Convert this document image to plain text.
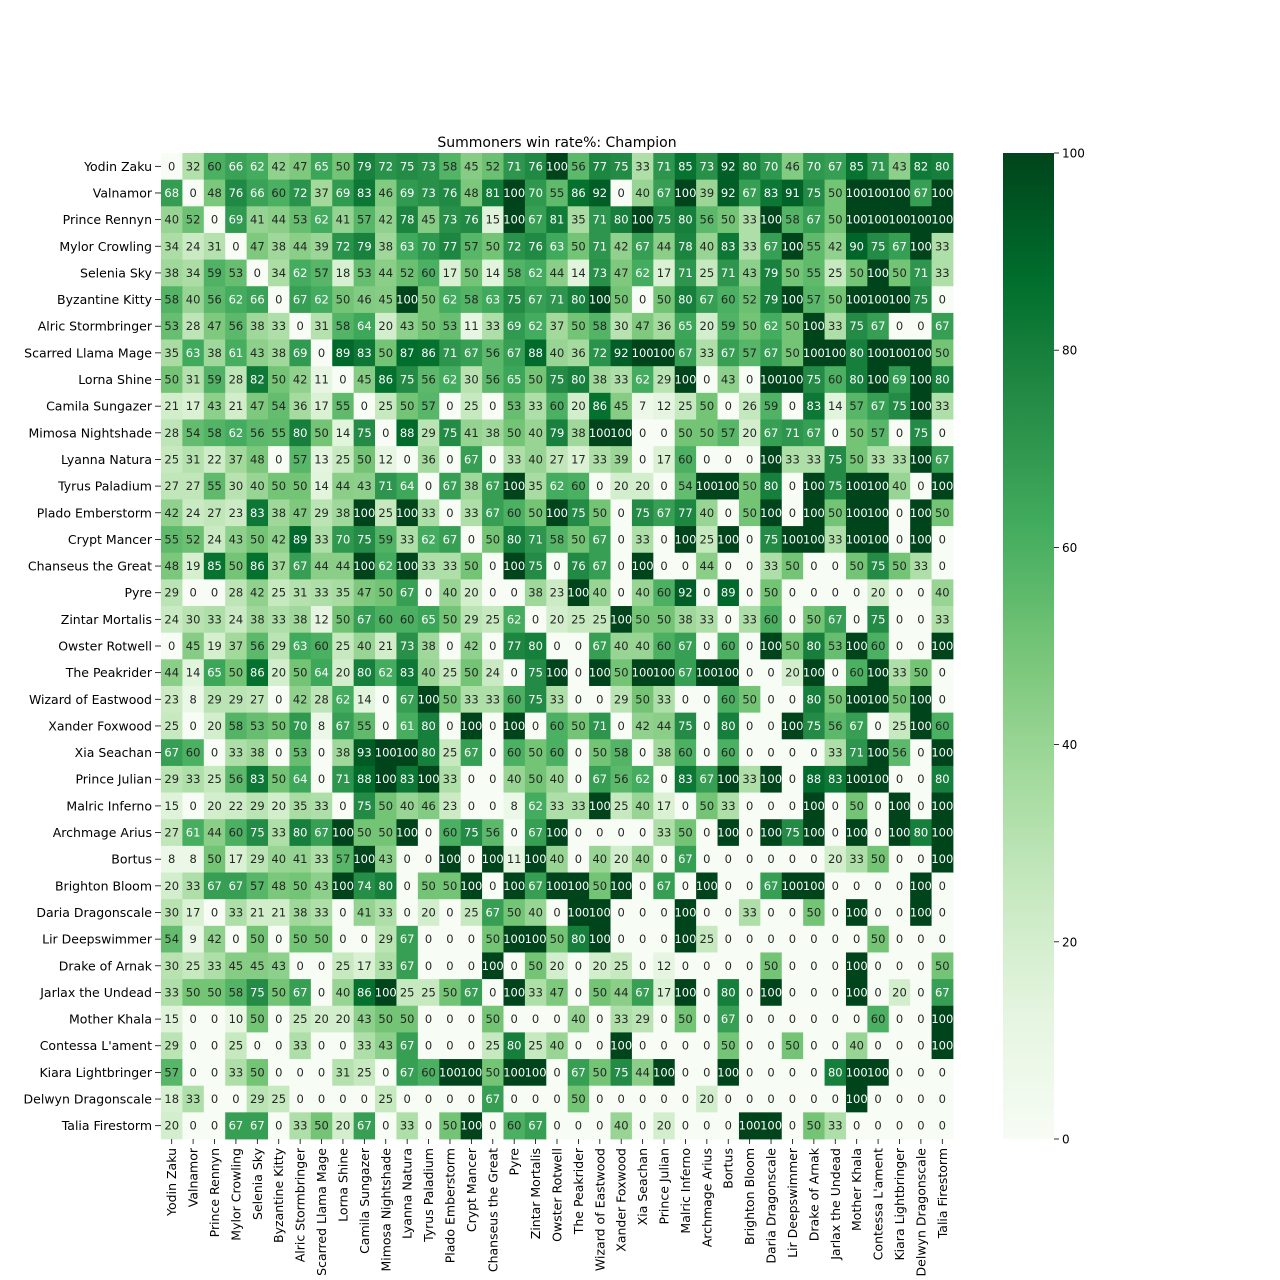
Summoners win rate%: Champion
0 32 60 66 62 42 47 65 50 79 72 75 73 58 45 52 71 76 100 56 77 75 33 71 85 73 92 80 70 46 70 67 85 71 43 82 80
68 0 48 76 66 60 72 37 69 83 46 69 73 76 48 81 100 70 55 86 92 0 40 67 100 39 92 67 83 91 75 50 100 100 100 67 100
40 52 0 69 41 44 53 62 41 57 42 78 45 73 76 15 100 67 81 35 71 80 100 75 80 56 50 33 100 58 67 50 100 100 100 100 100
34 24 31 0 47 38 44 39 72 79 38 63 70 77 57 50 72 76 63 50 71 42 67 44 78 40 83 33 67 100 55 42 90 75 67 100 33
38 34 59 53 0 34 62 57 18 53 44 52 60 17 50 14 58 62 44 14 73 47 62 17 71 25 71 43 79 50 55 25 50 100 50 71 33
58 40 56 62 66 0 67 62 50 46 45 100 50 62 58 63 75 67 71 80 100 50 0 50 80 67 60 52 79 100 57 50 100 100 100 75 0
53 28 47 56 38 33 0 31 58 64 20 43 50 53 11 33 69 62 37 50 58 30 47 36 65 20 59 50 62 50 100 33 75 67 0 0 67
35 63 38 61 43 38 69 0 89 83 50 87 86 71 67 56 67 88 40 36 72 92 100 100 67 33 67 57 67 50 100 100 80 100 100 100 50
50 31 59 28 82 50 42 11 0 45 86 75 56 62 30 56 65 50 75 80 38 33 62 29 100 0 43 0 100 100 75 60 80 100 69 100 80
21 17 43 21 47 54 36 17 55 0 25 50 57 0 25 0 53 33 60 20 86 45 7 12 25 50 0 26 59 0 83 14 57 67 75 100 33
28 54 58 62 56 55 80 50 14 75 0 88 29 75 41 38 50 40 79 38 100 100 0 0 50 50 57 20 67 71 67 0 50 57 0 75 0
25 31 22 37 48 0 57 13 25 50 12 0 36 0 67 0 33 40 27 17 33 39 0 17 60 0 0 0 100 33 33 75 50 33 33 100 67
27 27 55 30 40 50 50 14 44 43 71 64 0 67 38 67 100 35 62 60 0 20 20 0 54 100 100 50 80 0 100 75 100 100 40 0 100
42 24 27 23 83 38 47 29 38 100 25 100 33 0 33 67 60 50 100 75 50 0 75 67 77 40 0 50 100 0 100 50 100 100 0 100 50
55 52 24 43 50 42 89 33 70 75 59 33 62 67 0 50 80 71 58 50 67 0 33 0 100 25 100 0 75 100 100 33 100 100 0 100 0
48 19 85 50 86 37 67 44 44 100 62 100 33 33 50 0 100 75 0 76 67 0 100 0 0 44 0 0 33 50 0 0 50 75 50 33 0
29 0 0 28 42 25 31 33 35 47 50 67 0 40 20 0 0 38 23 100 40 0 40 60 92 0 89 0 50 0 0 0 0 20 0 0 40
24 30 33 24 38 33 38 12 50 67 60 60 65 50 29 25 62 0 20 25 25 100 50 50 38 33 0 33 60 0 50 67 0 75 0 0 33
0 45 19 37 56 29 63 60 25 40 21 73 38 0 42 0 77 80 0 0 67 40 40 60 67 0 60 0 100 50 80 53 100 60 0 0 100
44 14 65 50 86 20 50 64 20 80 62 83 40 25 50 24 0 75 100 0 100 50 100 100 67 100 100 0 0 20 100 0 60 100 33 50 0
23 8 29 29 27 0 42 28 62 14 0 67 100 50 33 33 60 75 33 0 0 29 50 33 0 0 60 50 0 0 80 50 100 100 50 100 0
25 0 20 58 53 50 70 8 67 55 0 61 80 0 100 0 100 0 60 50 71 0 42 44 75 0 80 0 0 100 75 56 67 0 25 100 60
67 60 0 33 38 0 53 0 38 93 100 100 80 25 67 0 60 50 60 0 50 58 0 38 60 0 60 0 0 0 0 33 71 100 56 0 100
29 33 25 56 83 50 64 0 71 88 100 83 100 33 0 0 40 50 40 0 67 56 62 0 83 67 100 33 100 0 88 83 100 100 0 0 80
15 0 20 22 29 20 35 33 0 75 50 40 46 23 0 0 8 62 33 33 100 25 40 17 0 50 33 0 0 0 100 0 50 0 100 0 100
27 61 44 60 75 33 80 67 100 50 50 100 0 60 75 56 0 67 100 0 0 0 0 33 50 0 100 0 100 75 100 0 100 0 100 80 100
8 8 50 17 29 40 41 33 57 100 43 0 0 100 0 100 11 100 40 0 40 20 40 0 67 0 0 0 0 0 0 20 33 50 0 0 100
20 33 67 67 57 48 50 43 100 74 80 0 50 50 100 0 100 67 100 100 50 100 0 67 0 100 0 0 67 100 100 0 0 0 0 100 0
30 17 0 33 21 21 38 33 0 41 33 0 20 0 25 67 50 40 0 100 100 0 0 0 100 0 0 33 0 0 50 0 100 0 0 100 0
54 9 42 0 50 0 50 50 0 0 29 67 0 0 0 50 100 100 50 80 100 0 0 0 100 25 0 0 0 0 0 0 0 50 0 0 0
30 25 33 45 45 43 0 0 25 17 33 67 0 0 0 100 0 50 20 0 20 25 0 12 0 0 0 0 50 0 0 0 100 0 0 0 50
33 50 50 58 75 50 67 0 40 86 100 25 25 50 67 0 100 33 47 0 50 44 67 17 100 0 80 0 100 0 0 0 100 0 20 0 67
15 0 0 10 50 0 25 20 20 43 50 50 0 0 0 50 0 0 0 40 0 33 29 0 50 0 67 0 0 0 0 0 0 60 0 0 100
29 0 0 25 0 0 33 0 0 33 43 67 0 0 0 25 80 25 40 0 0 100 0 0 0 0 50 0 0 50 0 0 40 0 0 0 100
57 0 0 33 50 0 0 0 31 25 0 67 60 100 100 50 100 100 0 67 50 75 44 100 0 0 100 0 0 0 0 80 100 100 0 0 0
18 33 0 0 29 25 0 0 0 0 25 0 0 0 0 67 0 0 0 50 0 0 0 0 0 20 0 0 0 0 0 0 100 0 0 0 0
20 0 0 67 67 0 33 50 20 67 0 33 0 50 100 0 60 67 0 0 0 40 0 20 0 0 0 100 100 0 50 33 0 0 0 0 0
Yodin Zaku
Valnamor
Prince Rennyn
Mylor Crowling
Selenia Sky
Byzantine Kitty
Alric Stormbringer
Scarred Llama Mage
Lorna Shine
Camila Sungazer
Mimosa Nightshade
Lyanna Natura
Tyrus Paladium
Plado Emberstorm
Crypt Mancer
Chanseus the Great
Pyre
Zintar Mortalis
Owster Rotwell
The Peakrider
Wizard of Eastwood
Xander Foxwood
Xia Seachan
Prince Julian
Malric Inferno
Archmage Arius
Bortus
Brighton Bloom
Daria Dragonscale
Lir Deepswimmer
Drake of Arnak
Jarlax the Undead
Mother Khala
Contessa L'ament
Kiara Lightbringer
Delwyn Dragonscale
Talia Firestorm
Yodin Zaku Valnamor Prince Rennyn Mylor Crowling Selenia Sky Byzantine Kitty Alric Stormbringer Scarred Llama Mage Lorna Shine Camila Sungazer Mimosa Nightshade Lyanna Natura Tyrus Paladium Plado Emberstorm Crypt Mancer Chanseus the Great Pyre Zintar Mortalis Owster Rotwell The Peakrider Wizard of Eastwood Xander Foxwood Xia Seachan Prince Julian Malric Inferno Archmage Arius Bortus Brighton Bloom Daria Dragonscale Lir Deepswimmer Drake of Arnak Jarlax the Undead Mother Khala Contessa L'ament Kiara Lightbringer Delwyn Dragonscale Talia Firestorm
0
20
40
60
80
100
